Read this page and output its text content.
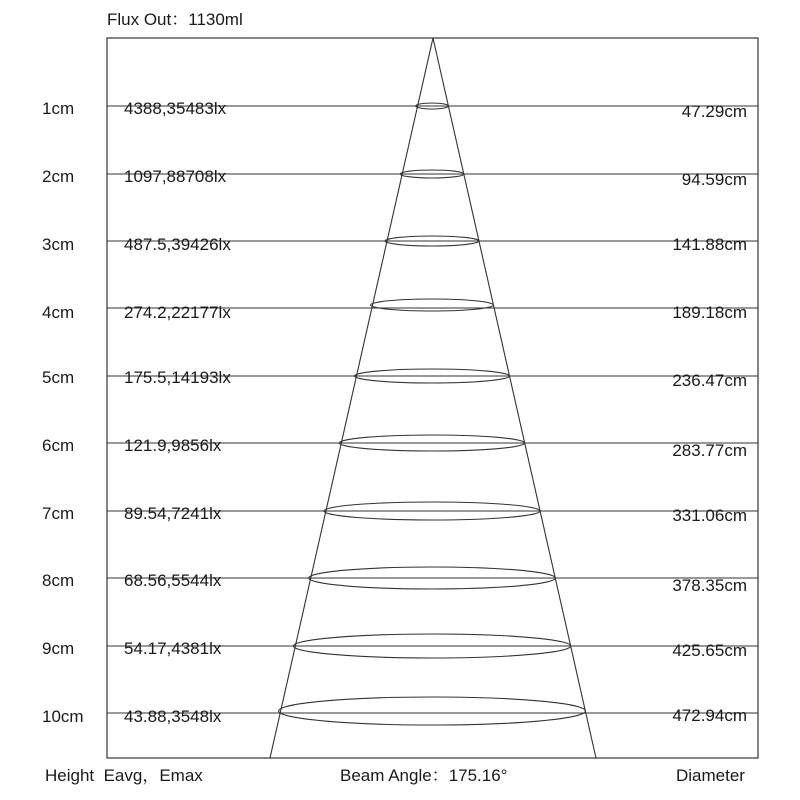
Flux Out：1130ml
1cm	4388,35483lx	47.29cm
2cm	1097,88708lx	94.59cm
3cm	487.5,39426lx	141.88cm
4cm	274.2,22177lx	189.18cm
5cm	175.5,14193lx	236.47cm
6cm	121.9,9856lx	283.77cm
7cm	89.54,7241lx	331.06cm
8cm	68.56,5544lx	378.35cm
9cm	54.17,4381lx	425.65cm
10cm 43.88,3548lx	472.94cm
Height Eavg，Emax	Beam Angle：175.16°	Diameter
